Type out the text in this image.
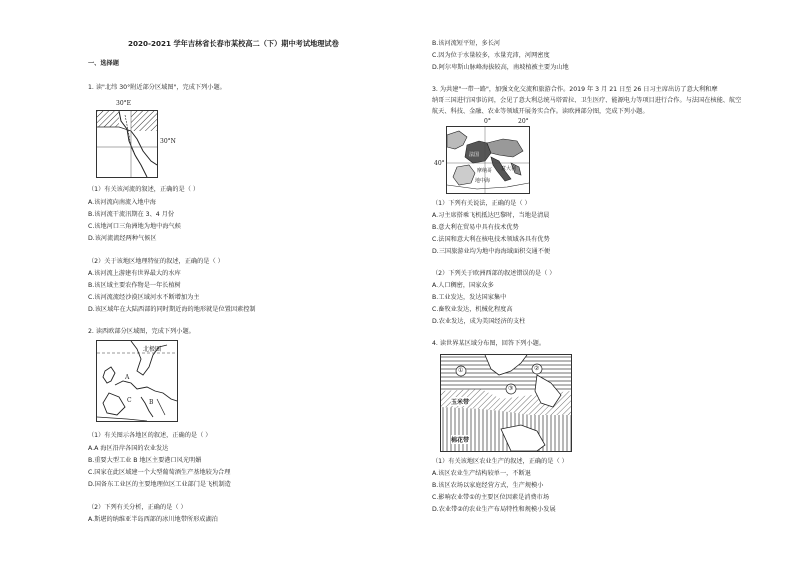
2020-2021 学年吉林省长春市某校高二（下）期中考试地理试卷
一、选择题
1. 读"北纬 30°附近部分区域图"，完成下列小题。
30°E
30°N
（1）有关该河流的叙述，正确的是（ ）
A.该河流向南流入地中海
B.该河流干流汛期在 3、4 月份
C.该地河口三角洲地为地中海气候
D.该河流流经两种气候区
（2）关于该地区地理特征的叙述，正确的是（ ）
A.该河流上游建有世界最大的水库
B.该区域主要农作物是一年长植树
C.该河流流经沙漠区域河水不断增加为主
D.该区域年在大陆西部的同时期近海的地形就是位置因素控制
2. 读西欧部分区域图，完成下列小题。
北极圈
A
C	B
（1）有关图示各地区的叙述，正确的是（ ）
A.A 海区沿岸各国的农业发达
B.重要大型工业 B 地区主要港口风光明媚
C.国家在此区域建一个大型葡萄酒生产基地较为合理
D.国备东工业区的主要地理位区工业部门是飞机制造
（2）下列有关分析，正确的是（ ）
A.斯堪的纳维亚半岛西部的冰川地带所形成湖泊
B.该河流短平短，多长河
C.因为位于水量较多，水量充沛，河网密度
D.阿尔卑斯山脉峰海拔较高，南坡植被主要为山地
3. 为共建"一带一路"，加强文化交流和旅游合作。2019 年 3 月 21 日至 26 日习主席出访了意大利和摩
纳哥三国进行国事访问，会见了意大利总统马塔雷拉、卫生医疗、能源电力等项目进行合作。与法国在核能、航空
航天、科技、金融、农业等领域开展务实合作。读欧洲部分图，完成下列小题。
0°	20°
40°
法国
摩纳哥 意大利
地中海
（1）下列有关说法，正确的是（ ）
A.习主席搭乘飞机抵达巴黎时，当地是清晨
B.意大利在贸易中具有技术优势
C.法国和意大利在核电技术领域各具有优势
D.三国旅游业均为地中海海域面积交通不便
（2）下列关于欧洲西部的叙述错误的是（ ）
A.人口稠密，国家众多
B.工业发达，发达国家集中
C.畜牧业发达，机械化程度高
D.农业发达，成为美国经济的支柱
4. 读世界某区域分布图，回答下列小题。
①	②
③
玉米带
棉花带
（1）有关该地区农业生产的叙述，正确的是（ ）
A.该区农业生产结构较单一，不断退
B.该区农场以家庭经营方式，生产规模小
C.影响农业带①的主要区位因素是消费市场
D.农业带②的农业生产布局特性和规模小发展
